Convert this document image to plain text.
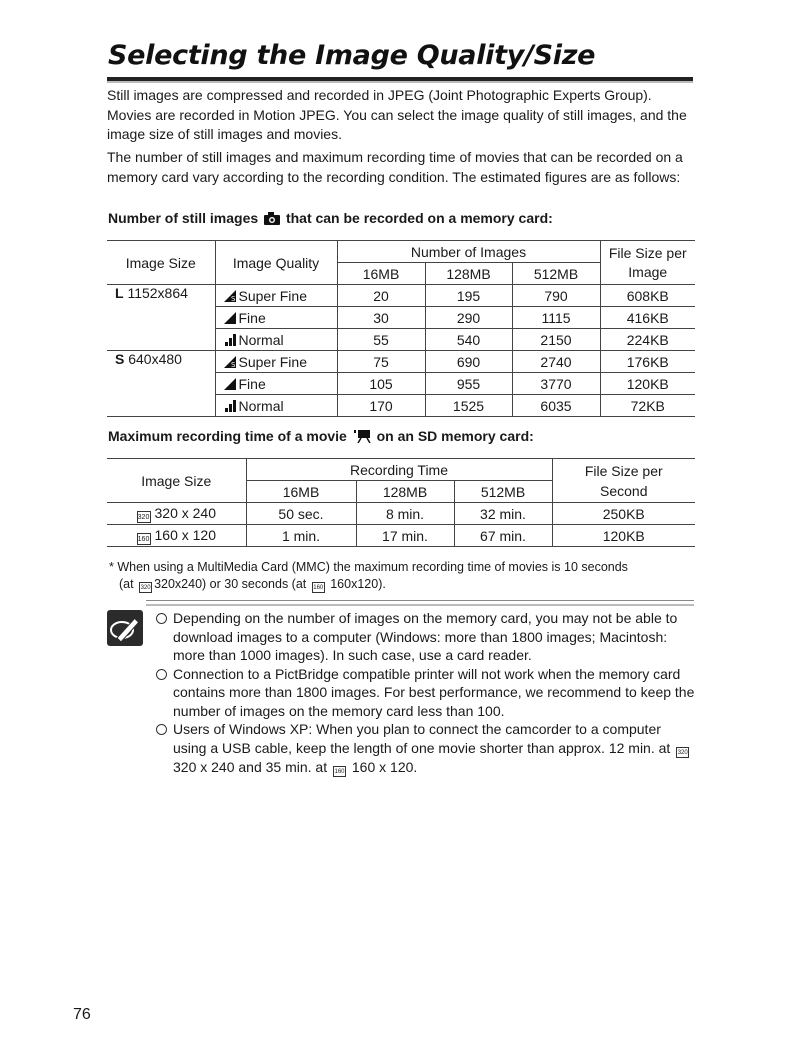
Selecting the Image Quality/Size

Still images are compressed and recorded in JPEG (Joint Photographic Experts Group). Movies are recorded in Motion JPEG. You can select the image quality of still images, and the image size of still images and movies.

The number of still images and maximum recording time of movies that can be recorded on a memory card vary according to the recording condition. The estimated figures are as follows:

Number of still images that can be recorded on a memory card:

Image Size	Image Quality	Number of Images			File Size per Image
		16MB	128MB	512MB	
L 1152x864	S Super Fine	20	195	790	608KB
	Fine	30	290	1115	416KB
	Normal	55	540	2150	224KB
S 640x480	S Super Fine	75	690	2740	176KB
	Fine	105	955	3770	120KB
	Normal	170	1525	6035	72KB

Maximum recording time of a movie on an SD memory card:

Image Size	Recording Time			File Size per Second
	16MB	128MB	512MB	
320 320 x 240	50 sec.	8 min.	32 min.	250KB
160 160 x 120	1 min.	17 min.	67 min.	120KB

* When using a MultiMedia Card (MMC) the maximum recording time of movies is 10 seconds

(at 320 320x240) or 30 seconds (at 160 160x120).

Depending on the number of images on the memory card, you may not be able to download images to a computer (Windows: more than 1800 images; Macintosh: more than 1000 images). In such case, use a card reader.
Connection to a PictBridge compatible printer will not work when the memory card contains more than 1800 images. For best performance, we recommend to keep the number of images on the memory card less than 100.
Users of Windows XP: When you plan to connect the camcorder to a computer using a USB cable, keep the length of one movie shorter than approx. 12 min. at 320 320 x 240 and 35 min. at 160 160 x 120.

76
